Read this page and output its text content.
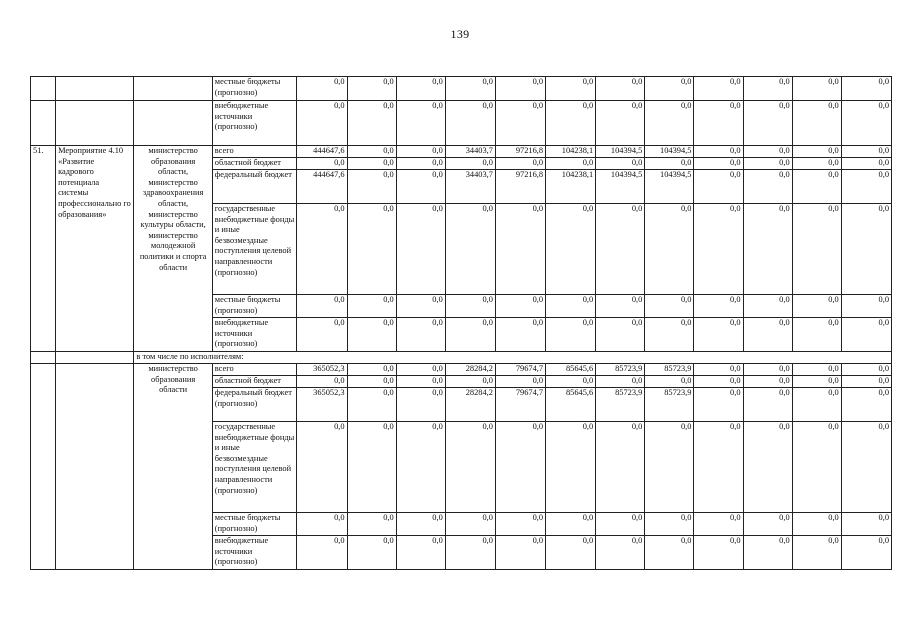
139
			местные бюджеты (прогнозно)	0,0	0,0	0,0	0,0	0,0	0,0	0,0	0,0	0,0	0,0	0,0	0,0
			внебюджетные источники (прогнозно)	0,0	0,0	0,0	0,0	0,0	0,0	0,0	0,0	0,0	0,0	0,0	0,0
51.	Мероприятие 4.10 «Развитие кадрового потенциала системы профессионально го образования»	министерство образования области, министерство здравоохранения области, министерство культуры области, министерство молодежной политики и спорта области	всего	444647,6	0,0	0,0	34403,7	97216,8	104238,1	104394,5	104394,5	0,0	0,0	0,0	0,0
			областной бюджет	0,0	0,0	0,0	0,0	0,0	0,0	0,0	0,0	0,0	0,0	0,0	0,0
			федеральный бюджет	444647,6	0,0	0,0	34403,7	97216,8	104238,1	104394,5	104394,5	0,0	0,0	0,0	0,0
			государственные внебюджетные фонды и иные безвозмездные поступления целевой направленности (прогнозно)	0,0	0,0	0,0	0,0	0,0	0,0	0,0	0,0	0,0	0,0	0,0	0,0
			местные бюджеты (прогнозно)	0,0	0,0	0,0	0,0	0,0	0,0	0,0	0,0	0,0	0,0	0,0	0,0
			внебюджетные источники (прогнозно)	0,0	0,0	0,0	0,0	0,0	0,0	0,0	0,0	0,0	0,0	0,0	0,0
		в том числе по исполнителям:													
		министерство образования области	всего	365052,3	0,0	0,0	28284,2	79674,7	85645,6	85723,9	85723,9	0,0	0,0	0,0	0,0
			областной бюджет	0,0	0,0	0,0	0,0	0,0	0,0	0,0	0,0	0,0	0,0	0,0	0,0
			федеральный бюджет (прогнозно)	365052,3	0,0	0,0	28284,2	79674,7	85645,6	85723,9	85723,9	0,0	0,0	0,0	0,0
			государственные внебюджетные фонды и иные безвозмездные поступления целевой направленности (прогнозно)	0,0	0,0	0,0	0,0	0,0	0,0	0,0	0,0	0,0	0,0	0,0	0,0
			местные бюджеты (прогнозно)	0,0	0,0	0,0	0,0	0,0	0,0	0,0	0,0	0,0	0,0	0,0	0,0
			внебюджетные источники (прогнозно)	0,0	0,0	0,0	0,0	0,0	0,0	0,0	0,0	0,0	0,0	0,0	0,0
